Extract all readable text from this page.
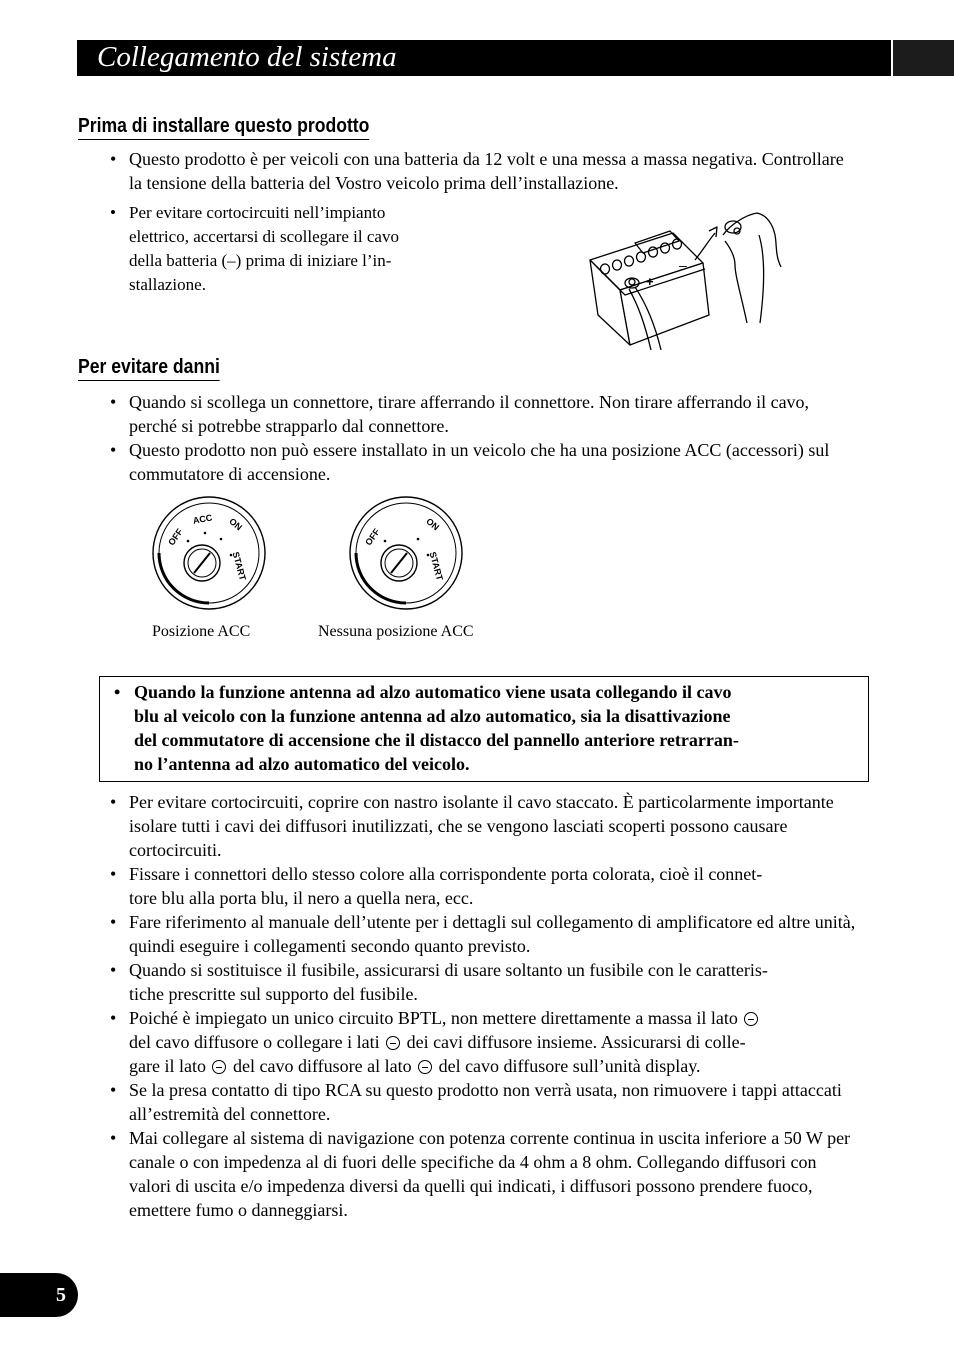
Collegamento del sistema
Prima di installare questo prodotto
• Questo prodotto è per veicoli con una batteria da 12 volt e una messa a massa negativa. Controllare la tensione della batteria del Vostro veicolo prima dell’installazione.
• Per evitare cortocircuiti nell’impianto
elettrico, accertarsi di scollegare il cavo
della batteria (–) prima di iniziare l’in-
stallazione.	+
–
Per evitare danni
• Quando si scollega un connettore, tirare afferrando il connettore. Non tirare afferrando il cavo, perché si potrebbe strapparlo dal connettore.
• Questo prodotto non può essere installato in un veicolo che ha una posizione ACC (accessori) sul commutatore di accensione.
OFF
ACC ON
START
Posizione ACC
OFF
ON
START
Nessuna posizione ACC
• Quando la funzione antenna ad alzo automatico viene usata collegando il cavo
blu al veicolo con la funzione antenna ad alzo automatico, sia la disattivazione
del commutatore di accensione che il distacco del pannello anteriore retrarran-
no l’antenna ad alzo automatico del veicolo.
• Per evitare cortocircuiti, coprire con nastro isolante il cavo staccato. È particolarmente importante isolare tutti i cavi dei diffusori inutilizzati, che se vengono lasciati scoperti possono causare cortocircuiti.
• Fissare i connettori dello stesso colore alla corrispondente porta colorata, cioè il connet-
tore blu alla porta blu, il nero a quella nera, ecc.
• Fare riferimento al manuale dell’utente per i dettagli sul collegamento di amplificatore ed altre unità, quindi eseguire i collegamenti secondo quanto previsto.
• Quando si sostituisce il fusibile, assicurarsi di usare soltanto un fusibile con le caratteris-
tiche prescritte sul supporto del fusibile.
• Poiché è impiegato un unico circuito BPTL, non mettere direttamente a massa il lato
del cavo diffusore o collegare i lati dei cavi diffusore insieme. Assicurarsi di colle-
gare il lato del cavo diffusore al lato del cavo diffusore sull’unità display.
• Se la presa contatto di tipo RCA su questo prodotto non verrà usata, non rimuovere i tappi attaccati all’estremità del connettore.
• Mai collegare al sistema di navigazione con potenza corrente continua in uscita inferiore a 50 W per canale o con impedenza al di fuori delle specifiche da 4 ohm a 8 ohm. Collegando diffusori con valori di uscita e/o impedenza diversi da quelli qui indicati, i diffusori possono prendere fuoco, emettere fumo o danneggiarsi.
5
